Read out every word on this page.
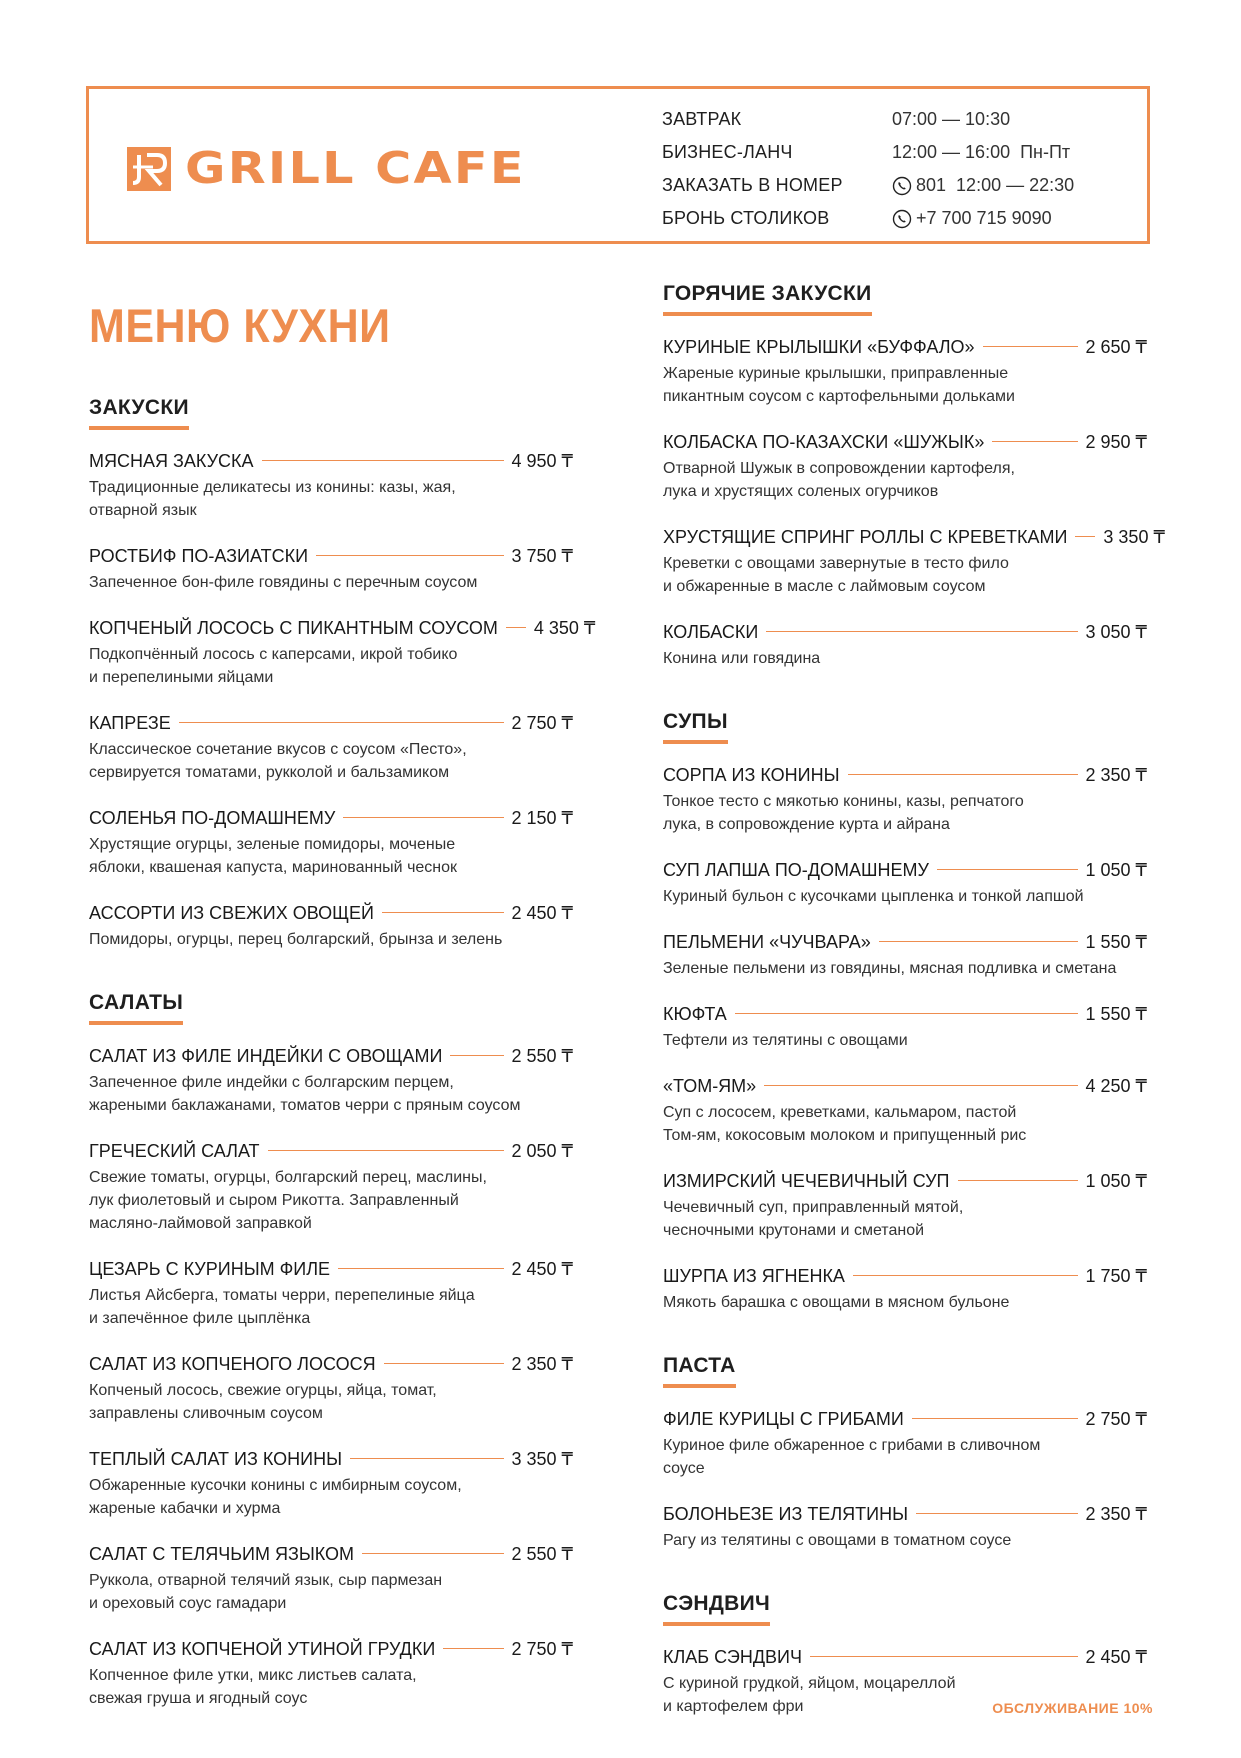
GRILL CAFE
ЗАВТРАК	07:00 — 10:30
БИЗНЕС-ЛАНЧ	12:00 — 16:00 Пн-Пт
ЗАКАЗАТЬ В НОМЕР	801 12:00 — 22:30
БРОНЬ СТОЛИКОВ	+7 700 715 9090
МЕНЮ КУХНИ
ЗАКУСКИ
МЯСНАЯ ЗАКУСКА	4 950 ₸
Традиционные деликатесы из конины: казы, жая,
отварной язык
РОСТБИФ ПО-АЗИАТСКИ	3 750 ₸
Запеченное бон-филе говядины с перечным соусом
КОПЧЕНЫЙ ЛОСОСЬ С ПИКАНТНЫМ СОУСОМ 4 350 ₸
Подкопчённый лосось с каперсами, икрой тобико
и перепелиными яйцами
КАПРЕЗЕ	2 750 ₸
Классическое сочетание вкусов с соусом «Песто»,
сервируется томатами, рукколой и бальзамиком
СОЛЕНЬЯ ПО-ДОМАШНЕМУ	2 150 ₸
Хрустящие огурцы, зеленые помидоры, моченые
яблоки, квашеная капуста, маринованный чеснок
АССОРТИ ИЗ СВЕЖИХ ОВОЩЕЙ	2 450 ₸
Помидоры, огурцы, перец болгарский, брынза и зелень
САЛАТЫ
САЛАТ ИЗ ФИЛЕ ИНДЕЙКИ С ОВОЩАМИ	2 550 ₸
Запеченное филе индейки с болгарским перцем,
жареными баклажанами, томатов черри с пряным соусом
ГРЕЧЕСКИЙ САЛАТ	2 050 ₸
Свежие томаты, огурцы, болгарский перец, маслины,
лук фиолетовый и сыром Рикотта. Заправленный
масляно-лаймовой заправкой
ЦЕЗАРЬ С КУРИНЫМ ФИЛЕ	2 450 ₸
Листья Айсберга, томаты черри, перепелиные яйца
и запечённое филе цыплёнка
САЛАТ ИЗ КОПЧЕНОГО ЛОСОСЯ	2 350 ₸
Копченый лосось, свежие огурцы, яйца, томат,
заправлены сливочным соусом
ТЕПЛЫЙ САЛАТ ИЗ КОНИНЫ	3 350 ₸
Обжаренные кусочки конины с имбирным соусом,
жареные кабачки и хурма
САЛАТ С ТЕЛЯЧЬИМ ЯЗЫКОМ	2 550 ₸
Руккола, отварной телячий язык, сыр пармезан
и ореховый соус гамадари
САЛАТ ИЗ КОПЧЕНОЙ УТИНОЙ ГРУДКИ	2 750 ₸
Копченное филе утки, микс листьев салата,
свежая груша и ягодный соус
ГОРЯЧИЕ ЗАКУСКИ
КУРИНЫЕ КРЫЛЫШКИ «БУФФАЛО»	2 650 ₸
Жареные куриные крылышки, приправленные
пикантным соусом с картофельными дольками
КОЛБАСКА ПО-КАЗАХСКИ «ШУЖЫК»	2 950 ₸
Отварной Шужык в сопровождении картофеля,
лука и хрустящих соленых огурчиков
ХРУСТЯЩИЕ СПРИНГ РОЛЛЫ С КРЕВЕТКАМИ 3 350 ₸
Креветки с овощами завернутые в тесто фило
и обжаренные в масле с лаймовым соусом
КОЛБАСКИ	3 050 ₸
Конина или говядина
СУПЫ
СОРПА ИЗ КОНИНЫ	2 350 ₸
Тонкое тесто с мякотью конины, казы, репчатого
лука, в сопровождение курта и айрана
СУП ЛАПША ПО-ДОМАШНЕМУ	1 050 ₸
Куриный бульон с кусочками цыпленка и тонкой лапшой
ПЕЛЬМЕНИ «ЧУЧВАРА»	1 550 ₸
Зеленые пельмени из говядины, мясная подливка и сметана
КЮФТА	1 550 ₸
Тефтели из телятины с овощами
«ТОМ-ЯМ»	4 250 ₸
Суп с лососем, креветками, кальмаром, пастой
Том-ям, кокосовым молоком и припущенный рис
ИЗМИРСКИЙ ЧЕЧЕВИЧНЫЙ СУП	1 050 ₸
Чечевичный суп, приправленный мятой,
чесночными крутонами и сметаной
ШУРПА ИЗ ЯГНЕНКА	1 750 ₸
Мякоть барашка с овощами в мясном бульоне
ПАСТА
ФИЛЕ КУРИЦЫ С ГРИБАМИ	2 750 ₸
Куриное филе обжаренное с грибами в сливочном
соусе
БОЛОНЬЕЗЕ ИЗ ТЕЛЯТИНЫ	2 350 ₸
Рагу из телятины с овощами в томатном соусе
СЭНДВИЧ
КЛАБ СЭНДВИЧ	2 450 ₸
С куриной грудкой, яйцом, моцареллой
и картофелем фри	ОБСЛУЖИВАНИЕ 10%
